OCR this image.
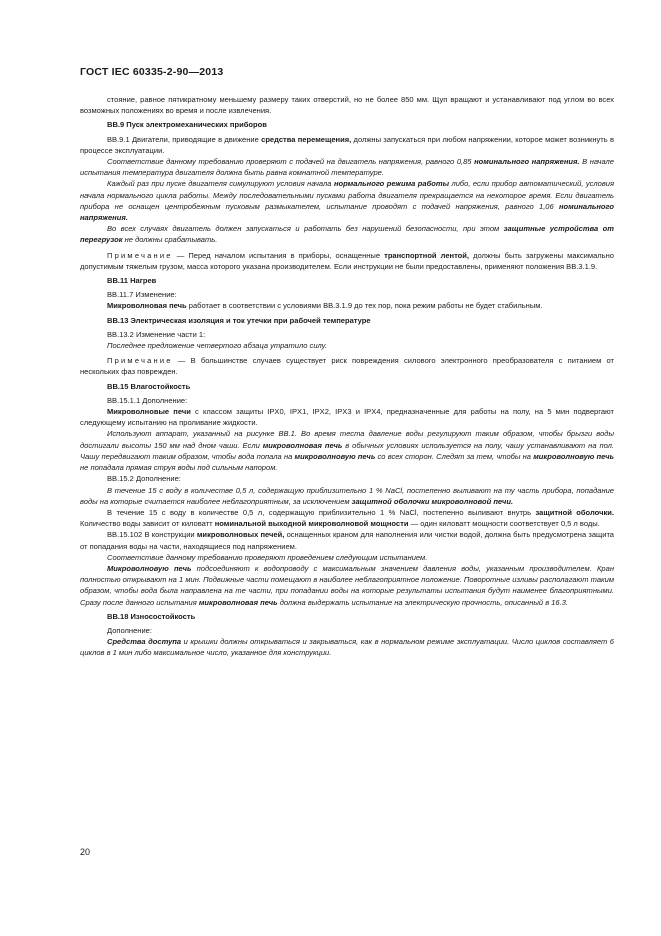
ГОСТ IEC 60335-2-90—2013

стояние, равное пятикратному меньшему размеру таких отверстий, но не более 850 мм. Щуп вращают и устанавливают под углом во всех возможных положениях во время и после извлечения.

ВВ.9 Пуск электромеханических приборов

ВВ.9.1 Двигатели, приводящие в движение средства перемещения, должны запускаться при любом напряжении, которое может возникнуть в процессе эксплуатации.

Соответствие данному требованию проверяют с подачей на двигатель напряжения, равного 0,85 номинального напряжения. В начале испытания температура двигателя должна быть равна комнатной температуре.

Каждый раз при пуске двигателя симулируют условия начала нормального режима работы либо, если прибор автоматический, условия начала нормального цикла работы. Между последовательными пусками работа двигателя прекращается на некоторое время. Если двигатель прибора не оснащен центробежным пусковым размыкателем, испытание проводят с подачей напряжения, равного 1,06 номинального напряжения.

Во всех случаях двигатель должен запускаться и работать без нарушений безопасности, при этом защитные устройства от перегрузок не должны срабатывать.

Примечание — Перед началом испытания в приборы, оснащенные транспортной лентой, должны быть загружены максимально допустимым тяжелым грузом, масса которого указана производителем. Если инструкции не были предоставлены, применяют положения ВВ.3.1.9.

ВВ.11 Нагрев

ВВ.11.7 Изменение:

Микроволновая печь работает в соответствии с условиями ВВ.3.1.9 до тех пор, пока режим работы не будет стабильным.

ВВ.13 Электрическая изоляция и ток утечки при рабочей температуре

ВВ.13.2 Изменение части 1:

Последнее предложение четвертого абзаца утратило силу.

Примечание — В большинстве случаев существует риск повреждения силового электронного преобразователя с питанием от нескольких фаз поврежден.

ВВ.15 Влагостойкость

ВВ.15.1.1 Дополнение:

Микроволновые печи с классом защиты IPX0, IPX1, IPX2, IPX3 и IPX4, предназначенные для работы на полу, на 5 мин подвергают следующему испытанию на проливание жидкости.

Используют аппарат, указанный на рисунке ВВ.1. Во время теста давление воды регулируют таким образом, чтобы брызги воды достигали высоты 150 мм над дном чаши. Если микроволновая печь в обычных условиях используется на полу, чашу устанавливают на пол. Чашу передвигают таким образом, чтобы вода попала на микроволновую печь со всех сторон. Следят за тем, чтобы на микроволновую печь не попадала прямая струя воды под сильным напором.

ВВ.15.2 Дополнение:

В течение 15 с воду в количестве 0,5 л, содержащую приблизительно 1 % NaCl, постепенно выливают на ту часть прибора, попадание воды на которые считается наиболее неблагоприятным, за исключением защитной оболочки микроволновой печи.

В течение 15 с воду в количестве 0,5 л, содержащую приблизительно 1 % NaCl, постепенно выливают внутрь защитной оболочки. Количество воды зависит от киловатт номинальной выходной микроволновой мощности — один киловатт мощности соответствует 0,5 л воды.

ВВ.15.102 В конструкции микроволновых печей, оснащенных краном для наполнения или чистки водой, должна быть предусмотрена защита от попадания воды на части, находящиеся под напряжением.

Соответствие данному требованию проверяют проведением следующим испытанием.

Микроволновую печь подсоединяют к водопроводу с максимальным значением давления воды, указанным производителем. Кран полностью открывают на 1 мин. Подвижные части помещают в наиболее неблагоприятное положение. Поворотные изливы располагают таким образом, чтобы вода была направлена на те части, при попадании воды на которые результаты испытания будут наименее благоприятными. Сразу после данного испытания микроволновая печь должна выдержать испытание на электрическую прочность, описанный в 16.3.

ВВ.18 Износостойкость

Дополнение:

Средства доступа и крышки должны открываться и закрываться, как в нормальном режиме эксплуатации. Число циклов составляет 6 циклов в 1 мин либо максимальное число, указанное для конструкции.

20
